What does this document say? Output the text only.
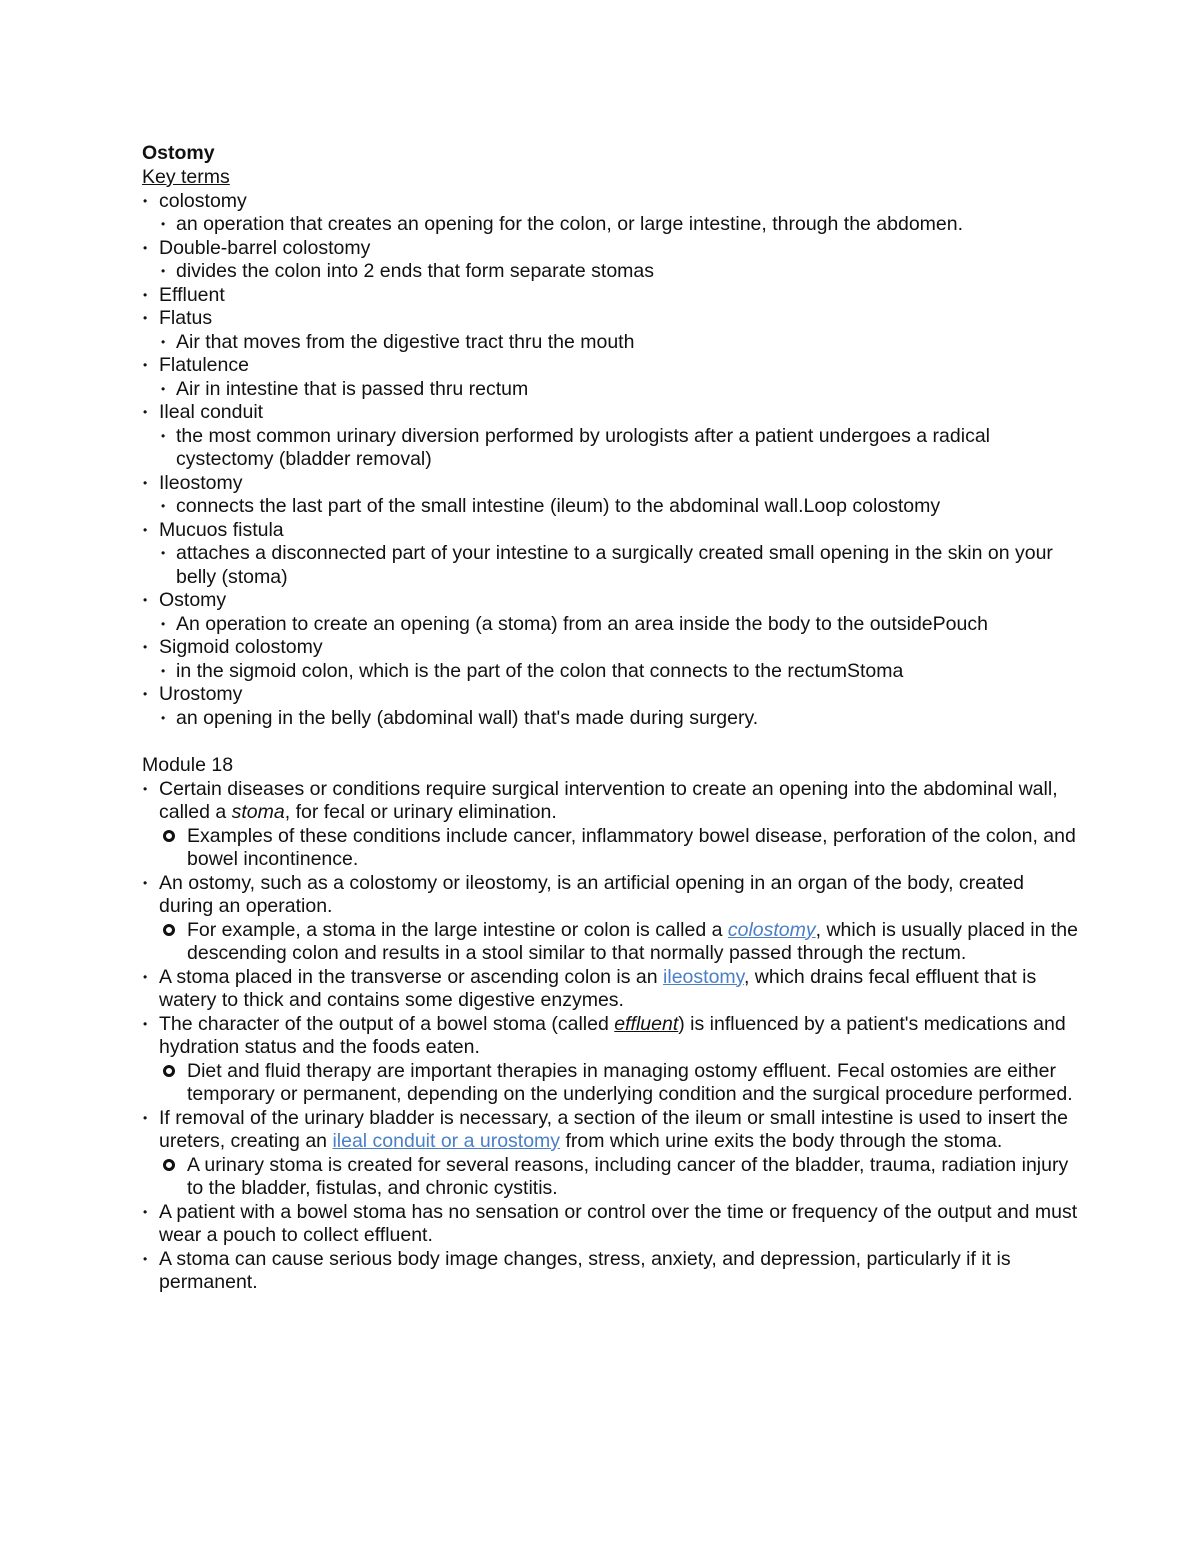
Ostomy
Key terms
• colostomy
• an operation that creates an opening for the colon, or large intestine, through the abdomen.
• Double-barrel colostomy
• divides the colon into 2 ends that form separate stomas
• Effluent
• Flatus
• Air that moves from the digestive tract thru the mouth
• Flatulence
• Air in intestine that is passed thru rectum
• Ileal conduit
• the most common urinary diversion performed by urologists after a patient undergoes a radical cystectomy (bladder removal)
• Ileostomy
• connects the last part of the small intestine (ileum) to the abdominal wall.Loop colostomy
• Mucuos fistula
• attaches a disconnected part of your intestine to a surgically created small opening in the skin on your belly (stoma)
• Ostomy
• An operation to create an opening (a stoma) from an area inside the body to the outsidePouch
• Sigmoid colostomy
• in the sigmoid colon, which is the part of the colon that connects to the rectumStoma
• Urostomy
• an opening in the belly (abdominal wall) that's made during surgery.
Module 18
• Certain diseases or conditions require surgical intervention to create an opening into the abdominal wall, called a stoma, for fecal or urinary elimination.
Examples of these conditions include cancer, inflammatory bowel disease, perforation of the colon, and bowel incontinence.
• An ostomy, such as a colostomy or ileostomy, is an artificial opening in an organ of the body, created during an operation.
For example, a stoma in the large intestine or colon is called a colostomy, which is usually placed in the descending colon and results in a stool similar to that normally passed through the rectum.
• A stoma placed in the transverse or ascending colon is an ileostomy, which drains fecal effluent that is watery to thick and contains some digestive enzymes.
• The character of the output of a bowel stoma (called effluent) is influenced by a patient's medications and hydration status and the foods eaten.
Diet and fluid therapy are important therapies in managing ostomy effluent. Fecal ostomies are either temporary or permanent, depending on the underlying condition and the surgical procedure performed.
• If removal of the urinary bladder is necessary, a section of the ileum or small intestine is used to insert the ureters, creating an ileal conduit or a urostomy from which urine exits the body through the stoma.
A urinary stoma is created for several reasons, including cancer of the bladder, trauma, radiation injury to the bladder, fistulas, and chronic cystitis.
• A patient with a bowel stoma has no sensation or control over the time or frequency of the output and must wear a pouch to collect effluent.
• A stoma can cause serious body image changes, stress, anxiety, and depression, particularly if it is permanent.
